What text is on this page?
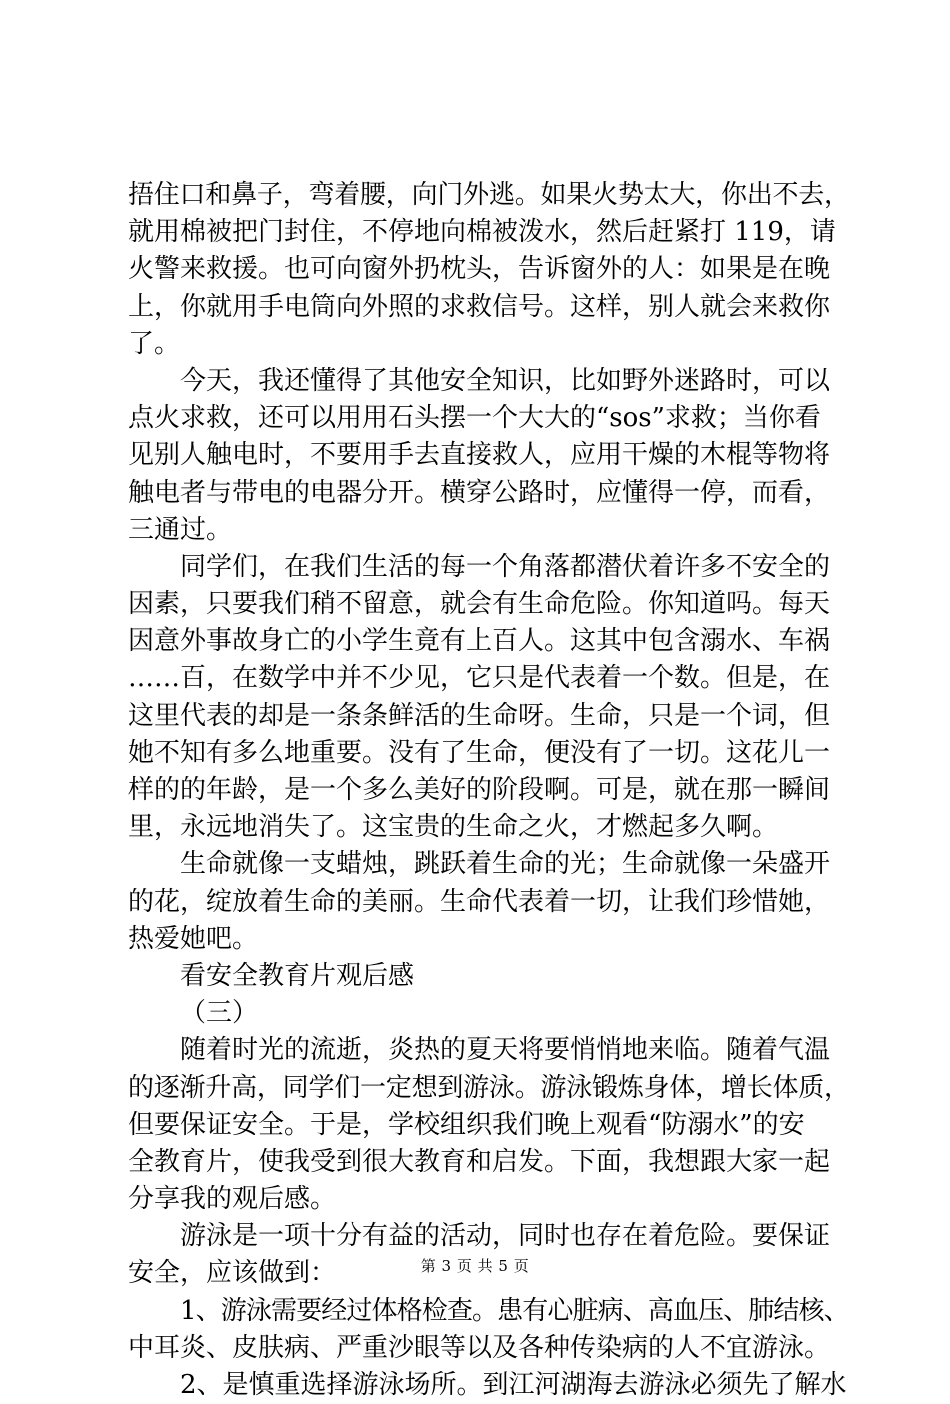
捂住口和鼻子，弯着腰，向门外逃。如果火势太大，你出不去，
就用棉被把门封住，不停地向棉被泼水，然后赶紧打 119，请
火警来救援。也可向窗外扔枕头，告诉窗外的人：如果是在晚
上，你就用手电筒向外照的求救信号。这样，别人就会来救你
了。
今天，我还懂得了其他安全知识，比如野外迷路时，可以
点火求救，还可以用用石头摆一个大大的“sos”求救；当你看
见别人触电时，不要用手去直接救人，应用干燥的木棍等物将
触电者与带电的电器分开。横穿公路时，应懂得一停，而看，
三通过。
同学们，在我们生活的每一个角落都潜伏着许多不安全的
因素，只要我们稍不留意，就会有生命危险。你知道吗。每天
因意外事故身亡的小学生竟有上百人。这其中包含溺水、车祸
……百，在数学中并不少见，它只是代表着一个数。但是，在
这里代表的却是一条条鲜活的生命呀。生命，只是一个词，但
她不知有多么地重要。没有了生命，便没有了一切。这花儿一
样的的年龄，是一个多么美好的阶段啊。可是，就在那一瞬间
里，永远地消失了。这宝贵的生命之火，才燃起多久啊。
生命就像一支蜡烛，跳跃着生命的光；生命就像一朵盛开
的花，绽放着生命的美丽。生命代表着一切，让我们珍惜她，
热爱她吧。
看安全教育片观后感
（三）
随着时光的流逝，炎热的夏天将要悄悄地来临。随着气温
的逐渐升高，同学们一定想到游泳。游泳锻炼身体，增长体质，
但要保证安全。于是，学校组织我们晚上观看“防溺水”的安
全教育片，使我受到很大教育和启发。下面，我想跟大家一起
分享我的观后感。
游泳是一项十分有益的活动，同时也存在着危险。要保证
安全，应该做到：
1、游泳需要经过体格检查。患有心脏病、高血压、肺结核、
中耳炎、皮肤病、严重沙眼等以及各种传染病的人不宜游泳。
2、是慎重选择游泳场所。到江河湖海去游泳必须先了解水
第 3 页 共 5 页
